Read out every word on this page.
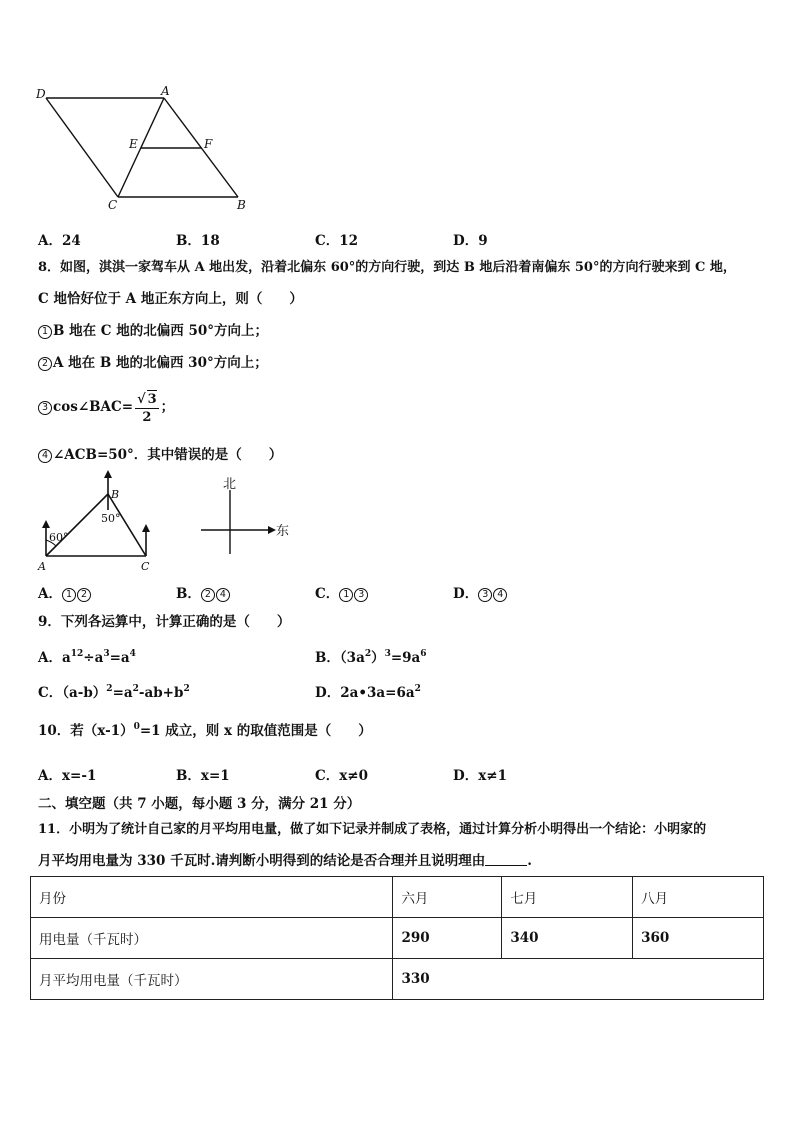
D	A
E	F
C	B
A．24	B．18	C．12	D．9
8．如图，淇淇一家驾车从 A 地出发，沿着北偏东 60°的方向行驶，到达 B 地后沿着南偏东 50°的方向行驶来到 C 地，
C 地恰好位于 A 地正东方向上，则（　　）
1 B 地在 C 地的北偏西 50°方向上；
2 A 地在 B 地的北偏西 30°方向上；
3 cos∠BAC= $\frac{√ 3}{2}$ ；
4 ∠ACB=50°．其中错误的是（　　）
B
A	C
60°
50°
北
东
A． 1 2	B． 2 4	C． 1 3	D． 3 4
9．下列各运算中，计算正确的是（　　）
A．$a^{12}\div a^3=a^4$	B．$(3a^2)^3=9a^6$
C．$(a-b)^2=a^2-ab+b^2$	D．$2a•3a=6a^2$
10．若$(x-1)^0=1$ 成立，则 x 的取值范围是（　　）
A．x=-1	B．x=1	C．x≠0	D．x≠1
二、填空题（共 7 小题，每小题 3 分，满分 21 分）
11．小明为了统计自己家的月平均用电量，做了如下记录并制成了表格，通过计算分析小明得出一个结论：小明家的
月平均用电量为 330 千瓦时.请判断小明得到的结论是否合理并且说明理由	.
月份	六月	七月	八月
用电量（千瓦时）	290	340	360
月平均用电量（千瓦时）	330		
